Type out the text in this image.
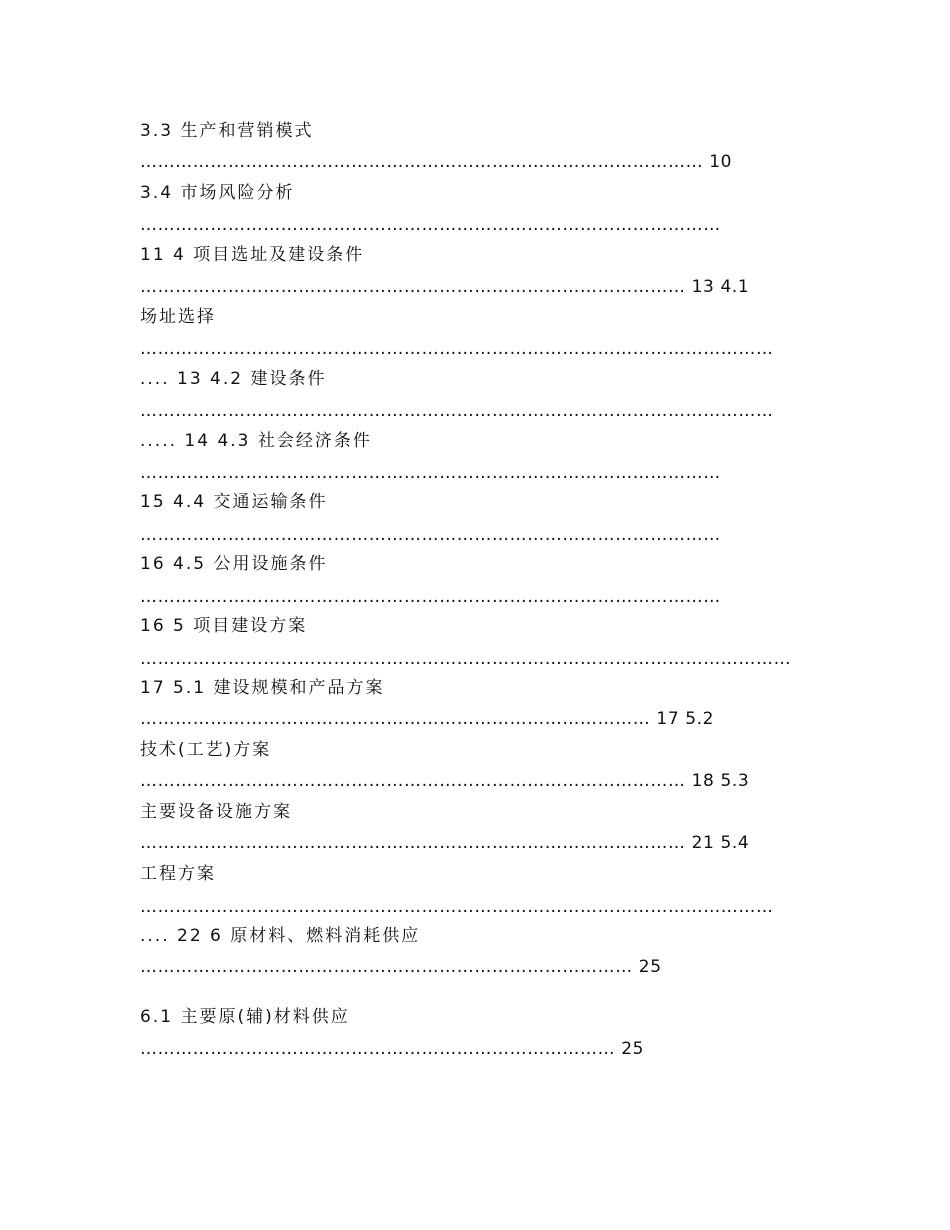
3.3 生产和营销模式

…………………………………………………………………………………… 10

3.4 市场风险分析

………………………………………………………………………………………

11 4 项目选址及建设条件

………………………………………………………………………………… 13 4.1

场址选择

………………………………………………………………………………………………

.... 13 4.2 建设条件

………………………………………………………………………………………………

..... 14 4.3 社会经济条件

………………………………………………………………………………………

15 4.4 交通运输条件

………………………………………………………………………………………

16 4.5 公用设施条件

………………………………………………………………………………………

16 5 项目建设方案

…………………………………………………………………………………………………

17 5.1 建设规模和产品方案

…………………………………………………………………………… 17 5.2

技术(工艺)方案

………………………………………………………………………………… 18 5.3

主要设备设施方案

………………………………………………………………………………… 21 5.4

工程方案

………………………………………………………………………………………………

.... 22 6 原材料、燃料消耗供应

………………………………………………………………………… 25

6.1 主要原(辅)材料供应

……………………………………………………………………… 25
